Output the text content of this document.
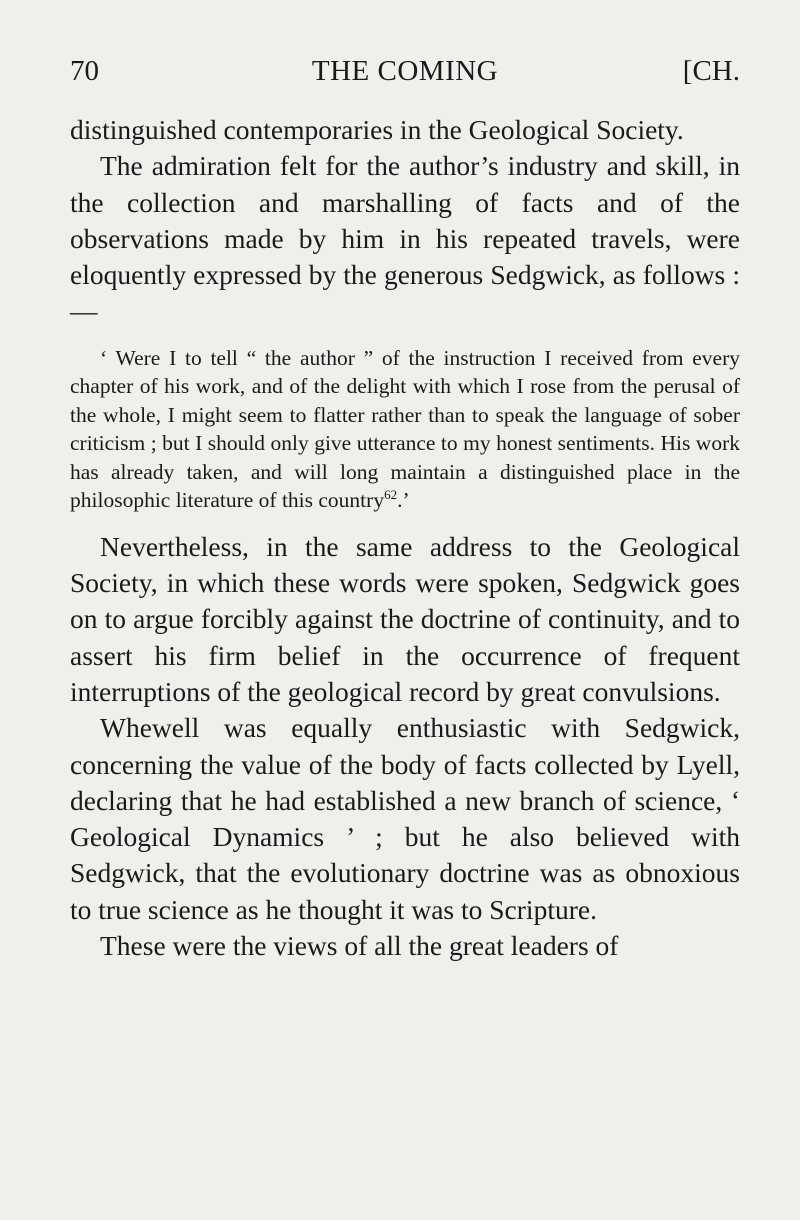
70	THE COMING	[CH.

distinguished contemporaries in the Geological Society.

The admiration felt for the author’s industry and skill, in the collection and marshalling of facts and of the observations made by him in his repeated travels, were eloquently expressed by the generous Sedgwick, as follows :—

‘ Were I to tell “ the author ” of the instruction I received from every chapter of his work, and of the delight with which I rose from the perusal of the whole, I might seem to flatter rather than to speak the language of sober criticism ; but I should only give utterance to my honest sentiments. His work has already taken, and will long maintain a distinguished place in the philosophic literature of this country$^{62}$.’

Nevertheless, in the same address to the Geological Society, in which these words were spoken, Sedgwick goes on to argue forcibly against the doctrine of continuity, and to assert his firm belief in the occurrence of frequent interruptions of the geological record by great convulsions.

Whewell was equally enthusiastic with Sedgwick, concerning the value of the body of facts collected by Lyell, declaring that he had established a new branch of science, ‘ Geological Dynamics ’ ; but he also believed with Sedgwick, that the evolutionary doctrine was as obnoxious to true science as he thought it was to Scripture.

These were the views of all the great leaders of
